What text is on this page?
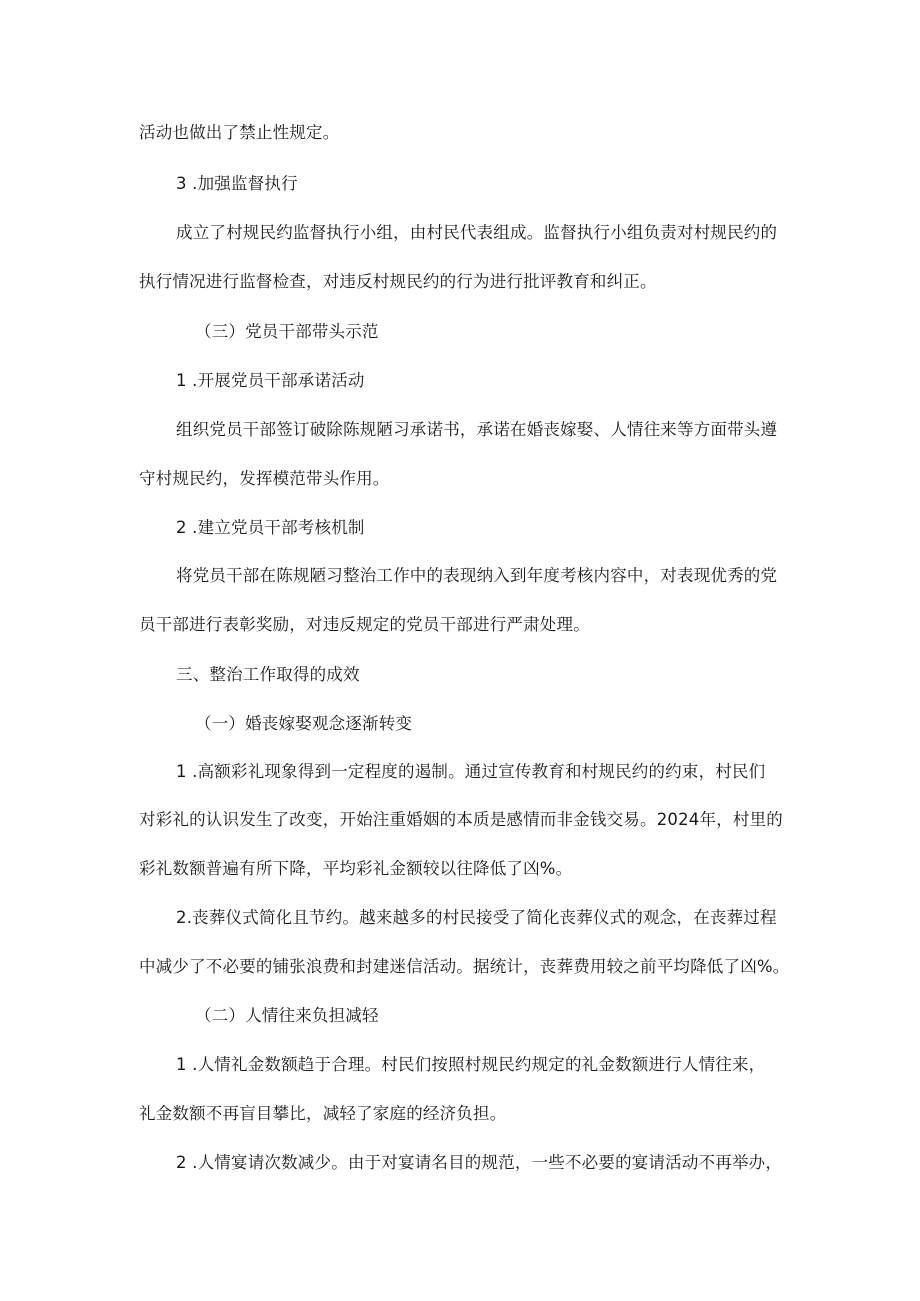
活动也做出了禁止性规定。
3 .加强监督执行
成立了村规民约监督执行小组，由村民代表组成。监督执行小组负责对村规民约的
执行情况进行监督检查，对违反村规民约的行为进行批评教育和纠正。
（三）党员干部带头示范
1 .开展党员干部承诺活动
组织党员干部签订破除陈规陋习承诺书，承诺在婚丧嫁娶、人情往来等方面带头遵
守村规民约，发挥模范带头作用。
2 .建立党员干部考核机制
将党员干部在陈规陋习整治工作中的表现纳入到年度考核内容中，对表现优秀的党
员干部进行表彰奖励，对违反规定的党员干部进行严肃处理。
三、整治工作取得的成效
（一）婚丧嫁娶观念逐渐转变
1 .高额彩礼现象得到一定程度的遏制。通过宣传教育和村规民约的约束，村民们
对彩礼的认识发生了改变，开始注重婚姻的本质是感情而非金钱交易。2024年，村里的
彩礼数额普遍有所下降，平均彩礼金额较以往降低了凶%。
2.丧葬仪式简化且节约。越来越多的村民接受了简化丧葬仪式的观念，在丧葬过程
中减少了不必要的铺张浪费和封建迷信活动。据统计，丧葬费用较之前平均降低了凶%。
（二）人情往来负担减轻
1 .人情礼金数额趋于合理。村民们按照村规民约规定的礼金数额进行人情往来，
礼金数额不再盲目攀比，减轻了家庭的经济负担。
2 .人情宴请次数减少。由于对宴请名目的规范，一些不必要的宴请活动不再举办，
